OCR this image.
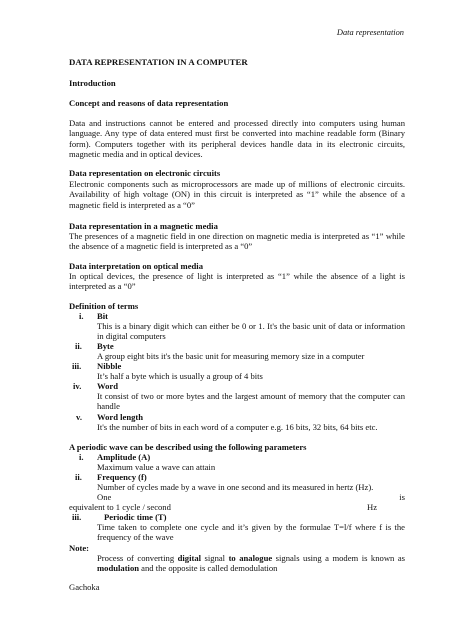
Data representation
DATA REPRESENTATION IN A COMPUTER
Introduction
Concept and reasons of data representation
Data and instructions cannot be entered and processed directly into computers using human language. Any type of data entered must first be converted into machine readable form (Binary form). Computers together with its peripheral devices handle data in its electronic circuits, magnetic media and in optical devices.
Data representation on electronic circuits
Electronic components such as microprocessors are made up of millions of electronic circuits. Availability of high voltage (ON) in this circuit is interpreted as “1” while the absence of a magnetic field is interpreted as a “0”
Data representation in a magnetic media
The presences of a magnetic field in one direction on magnetic media is interpreted as “1” while the absence of a magnetic field is interpreted as a “0”
Data interpretation on optical media
In optical devices, the presence of light is interpreted as “1” while the absence of a light is interpreted as a “0”
Definition of terms
i. Bit
This is a binary digit which can either be 0 or 1. It's the basic unit of data or information in digital computers
ii. Byte
A group eight bits it's the basic unit for measuring memory size in a computer
iii. Nibble
It’s half a byte which is usually a group of 4 bits
iv. Word
It consist of two or more bytes and the largest amount of memory that the computer can handle
v. Word length
It's the number of bits in each word of a computer e.g. 16 bits, 32 bits, 64 bits etc.
A periodic wave can be described using the following parameters
i. Amplitude (A)
Maximum value a wave can attain
ii. Frequency (f)
Number of cycles made by a wave in one second and its measured in hertz (Hz).
One	is
equivalent to 1 cycle / second	Hz
iii.	Periodic time (T)
Time taken to complete one cycle and it’s given by the formulae T=l/f where f is the frequency of the wave
Note:
Process of converting digital signal to analogue signals using a modem is known as modulation and the opposite is called demodulation
Gachoka
